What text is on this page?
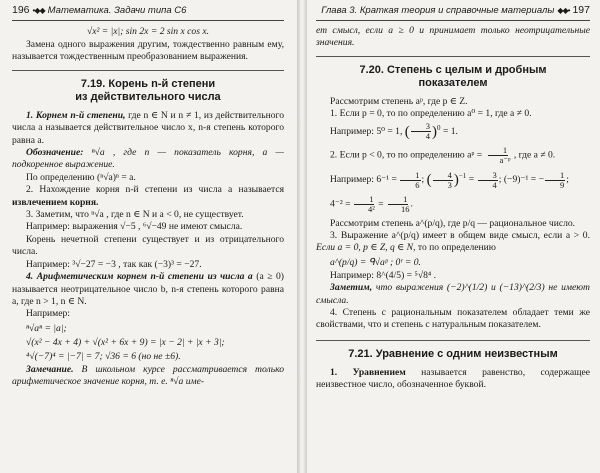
196 •◆◆ Математика. Задачи типа C6

√x² = |x|; sin 2x = 2 sin x cos x.

Замена одного выражения другим, тождественно равным ему, называется тождественным преобразованием выражения.

7.19. Корень n-й степени
из действительного числа

1. Корнем n-й степени, где n ∈ N и n ≠ 1, из действительного числа a называется действительное число x, n-я степень которого равна a.

Обозначение: ⁿ√a , где n — показатель корня, a — подкоренное выражение.

По определению (ⁿ√a)ⁿ = a.

2. Нахождение корня n-й степени из числа a называется извлечением корня.

3. Заметим, что ⁿ√a , где n ∈ N и a < 0, не существует.

Например: выражения √−5 , ⁶√−49 не имеют смысла.

Корень нечетной степени существует и из отрицательного числа.

Например: ³√−27 = −3 , так как (−3)³ = −27.

4. Арифметическим корнем n-й степени из числа a (a ≥ 0) называется неотрицательное число b, n-я степень которого равна a, где n > 1, n ∈ N.

Например:

ⁿ√aⁿ = |a|;

√(x² − 4x + 4) + √(x² + 6x + 9) = |x − 2| + |x + 3|;

⁴√(−7)⁴ = |−7| = 7; √36 = 6 (но не ±6).

Замечание. В школьном курсе рассматривается только арифметическое значение корня, т. е. ⁿ√a име-

Глава 3. Краткая теория и справочные материалы ◆◆• 197

ет смысл, если a ≥ 0 и принимает только неотрицательные значения.

7.20. Степень с целым и дробным
показателем

Рассмотрим степень aᵖ, где p ∈ Z.

1. Если p = 0, то по определению a⁰ = 1, где a ≠ 0.

Например: 5⁰ = 1, ( $\frac{3}{4} )^0 = 1$.

2. Если p < 0, то по определению aᵖ = $\frac{1}{\text{a⁻ᵖ}}$ , где a ≠ 0.

Например: $6^{-1} = \frac{1}{6}$ ; ( $\frac{4}{3} )^{-1} = \frac{3}{4}$ ; (−9)⁻¹ = − $\frac{1}{9}$ ;

$4^{-2} = \frac{1}{\text{4²}} = \frac{1}{16}$ .

Рассмотрим степень a^(p/q), где p/q — рациональное число.

3. Выражение a^(p/q) имеет в общем виде смысл, если a > 0. Если a = 0, p ∈ Z, q ∈ N, то по определению

a^(p/q) = ᑫ√aᵖ ; 0ʳ = 0.

Например: 8^(4/5) = ⁵√8⁴ .

Заметим, что выражения (−2)^(1/2) и (−13)^(2/3) не имеют смысла.

4. Степень с рациональным показателем обладает теми же свойствами, что и степень с натуральным показателем.

7.21. Уравнение с одним неизвестным

1. Уравнением называется равенство, содержащее неизвестное число, обозначенное буквой.
